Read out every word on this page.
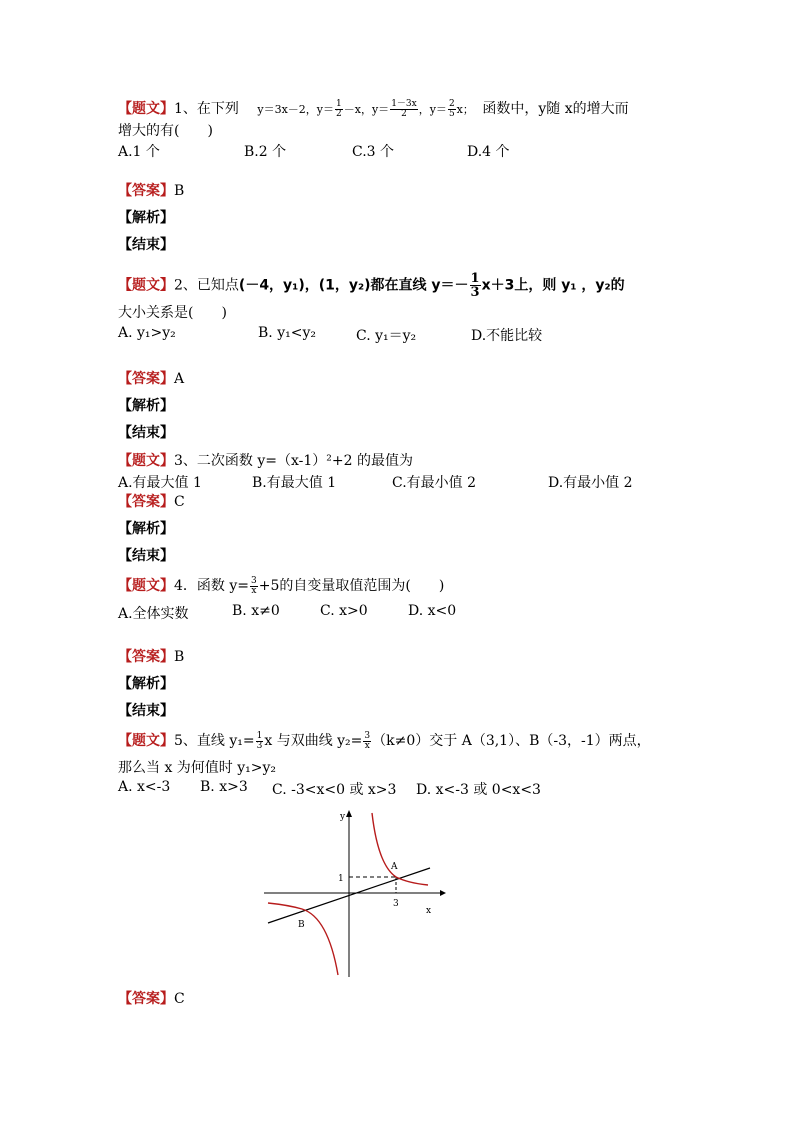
【题文】1、在下列 y＝3x－2，$y= \frac{1}{2} -x$，$y= \frac{1-3x}{2}$ ，$y= \frac{2}{5}$ x； 函数中，y随 x的增大而
增大的有(　　)
A.1 个	B.2 个	C.3 个	D.4 个
【答案】B
【解析】
【结束】
【题文】2、已知点(－4，y₁)，(1，y₂)都在直线 $y=- \frac{1}{3} x+3$上，则 y₁ ，y₂的
大小关系是(　　)
A. y₁>y₂	B. y₁<y₂	C. y₁＝y₂	D.不能比较
【答案】A
【解析】
【结束】
【题文】3、二次函数 y=（x-1）²+2 的最值为
A.有最大值 1	B.有最大值 1	C.有最小值 2	D.有最小值 2
【答案】C
【解析】
【结束】
【题文】4．函数 $y= \frac{3}{x} +5$的自变量取值范围为(　　)
A.全体实数	B. x≠0	C. x>0	D. x<0
【答案】B
【解析】
【结束】
【题文】5、直线 $y_1= \frac{1}{3}$ x 与双曲线 $y_2= \frac{3}{x} (k\ne 0)$交于 A（3,1）、B（-3，-1）两点，
那么当 x 为何值时 y₁>y₂
A. x<-3 B. x>3 C. -3<x<0 或 x>3 D. x<-3 或 0<x<3
y
x
1
3
A
B
【答案】C
